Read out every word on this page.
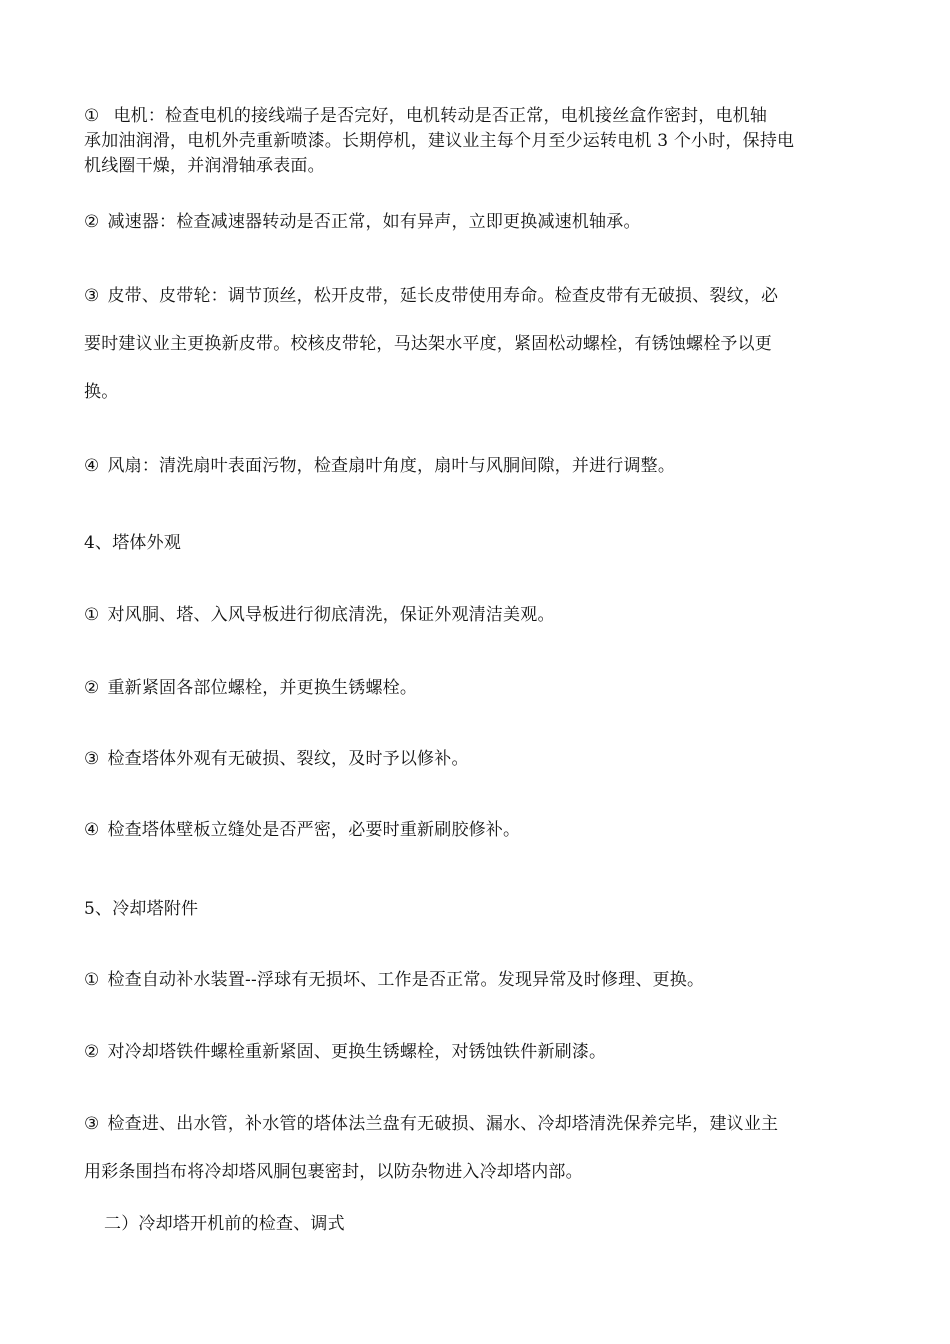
① 电机：检查电机的接线端子是否完好，电机转动是否正常，电机接丝盒作密封，电机轴
承加油润滑，电机外壳重新喷漆。长期停机，建议业主每个月至少运转电机 3 个小时，保持电
机线圈干燥，并润滑轴承表面。
② 减速器：检查减速器转动是否正常，如有异声，立即更换减速机轴承。
③ 皮带、皮带轮：调节顶丝，松开皮带，延长皮带使用寿命。检查皮带有无破损、裂纹，必
要时建议业主更换新皮带。校核皮带轮，马达架水平度，紧固松动螺栓，有锈蚀螺栓予以更
换。
④ 风扇：清洗扇叶表面污物，检查扇叶角度，扇叶与风胴间隙，并进行调整。
4、塔体外观
① 对风胴、塔、入风导板进行彻底清洗，保证外观清洁美观。
② 重新紧固各部位螺栓，并更换生锈螺栓。
③ 检查塔体外观有无破损、裂纹，及时予以修补。
④ 检查塔体壁板立缝处是否严密，必要时重新刷胶修补。
5、冷却塔附件
① 检查自动补水装置--浮球有无损坏、工作是否正常。发现异常及时修理、更换。
② 对冷却塔铁件螺栓重新紧固、更换生锈螺栓，对锈蚀铁件新刷漆。
③ 检查进、出水管，补水管的塔体法兰盘有无破损、漏水、冷却塔清洗保养完毕，建议业主
用彩条围挡布将冷却塔风胴包裹密封，以防杂物进入冷却塔内部。
二）冷却塔开机前的检查、调式
